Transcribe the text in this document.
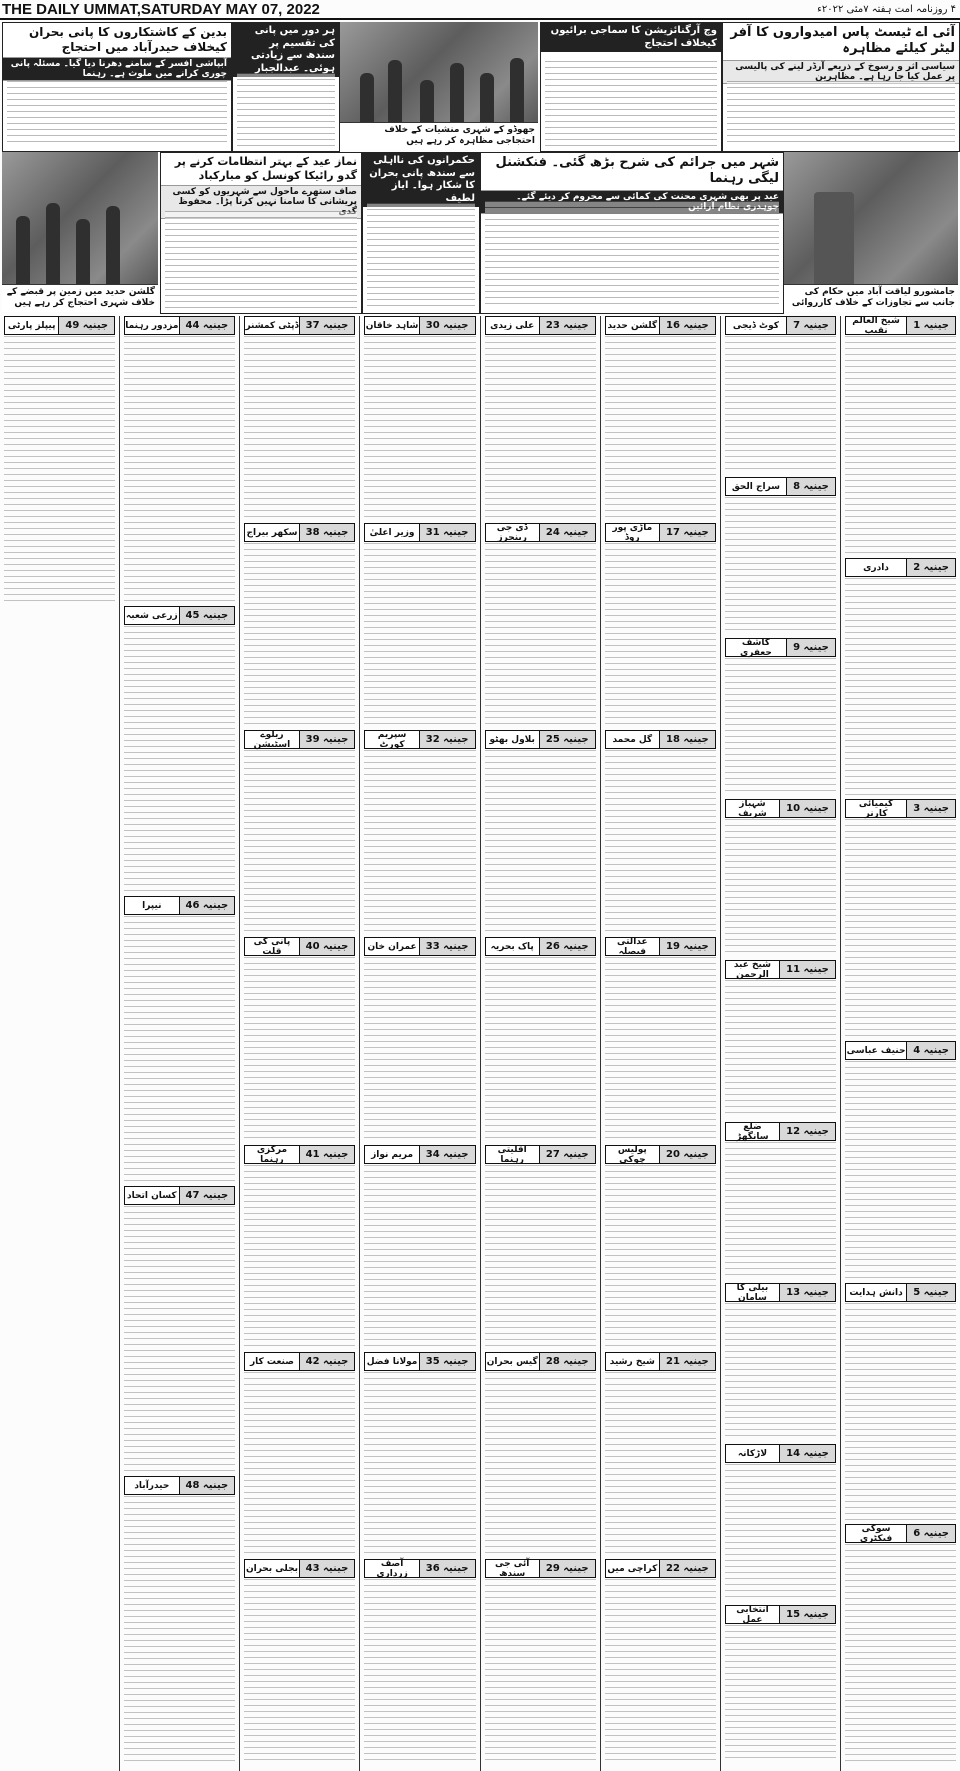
THE DAILY UMMAT,SATURDAY MAY 07, 2022	۴ روزنامہ امت ہفتہ ۷مئی ۲۰۲۲ء
آئی اے ٹیسٹ پاس امیدواروں کا آفر لیٹر کیلئے مظاہرہ
سیاسی اثر و رسوخ کے ذریعے آرڈر لینے کی پالیسی پر عمل کیا جا رہا ہے۔ مظاہرین
وچ آرگنائزیشن کا سماجی برائیوں کیخلاف احتجاج
جھوڈو کے شہری منشیات کے خلاف احتجاجی مظاہرہ کر رہے ہیں
ہر دور میں پانی کی تقسیم پر سندھ سے زیادتی ہوئی۔ عبدالجبار
بدین کے کاشتکاروں کا پانی بحران کیخلاف حیدرآباد میں احتجاج
آبپاشی افسر کے سامنے دھرنا دیا گیا۔ مسئلہ پانی چوری کرانے میں ملوث ہے۔ رہنما
جامشورو لیاقت آباد میں حکام کی جانب سے تجاوزات کے خلاف کارروائی
شہر میں جرائم کی شرح بڑھ گئی۔ فنکشنل لیگی رہنما
عید پر بھی شہری محنت کی کمائی سے محروم کر دیئے گئے۔ چوہدری نظام آرائیں
حکمرانوں کی نااہلی سے سندھ پانی بحران کا شکار ہوا۔ ایاز لطیف
نماز عید کے بہتر انتظامات کرنے پر گدو رائیکا کونسل کو مبارکباد
صاف ستھرے ماحول سے شہریوں کو کسی پریشانی کا سامنا نہیں کرنا پڑا۔ محفوظ گدی
گلشن حدید میں زمین پر قبضے کے خلاف شہری احتجاج کر رہے ہیں
جینیہ 1
شیخ العالم نقیب
جینیہ 2
دادری
جینیہ 3
کیمیائی کارنر
جینیہ 4
حنیف عباسی
جینیہ 5
دانش ہدایت
جینیہ 6
سوکی فیکٹری
جینیہ 7
کوٹ ڈیجی
جینیہ 8
سراج الحق
جینیہ 9
کاشف جعفری
جینیہ 10
شہباز شریف
جینیہ 11
شیخ عبد الرحمن
جینیہ 12
ضلع سانگھڑ
جینیہ 13
بیلی کا سامان
جینیہ 14
لاڑکانہ
جینیہ 15
انتخابی عمل
جینیہ 16
گلشن حدید
جینیہ 17
ماڑی پور روڈ
جینیہ 18
گل محمد
جینیہ 19
عدالتی فیصلہ
جینیہ 20
پولیس چوکی
جینیہ 21
شیخ رشید
جینیہ 22
کراچی میں
جینیہ 23
علی زیدی
جینیہ 24
ڈی جی رینجرز
جینیہ 25
بلاول بھٹو
جینیہ 26
پاک بحریہ
جینیہ 27
اقلیتی رہنما
جینیہ 28
گیس بحران
جینیہ 29
آئی جی سندھ
جینیہ 30
شاہد خاقان
جینیہ 31
وزیر اعلیٰ
جینیہ 32
سپریم کورٹ
جینیہ 33
عمران خان
جینیہ 34
مریم نواز
جینیہ 35
مولانا فضل
جینیہ 36
آصف زرداری
جینیہ 37
ڈپٹی کمشنر
جینیہ 38
سکھر بیراج
جینیہ 39
ریلوے اسٹیشن
جینیہ 40
پانی کی قلت
جینیہ 41
مرکزی رہنما
جینیہ 42
صنعت کار
جینیہ 43
بجلی بحران
جینیہ 44
مزدور رہنما
جینیہ 45
زرعی شعبہ
جینیہ 46
نیپرا
جینیہ 47
کسان اتحاد
جینیہ 48
حیدرآباد
جینیہ 49
پیپلز پارٹی
